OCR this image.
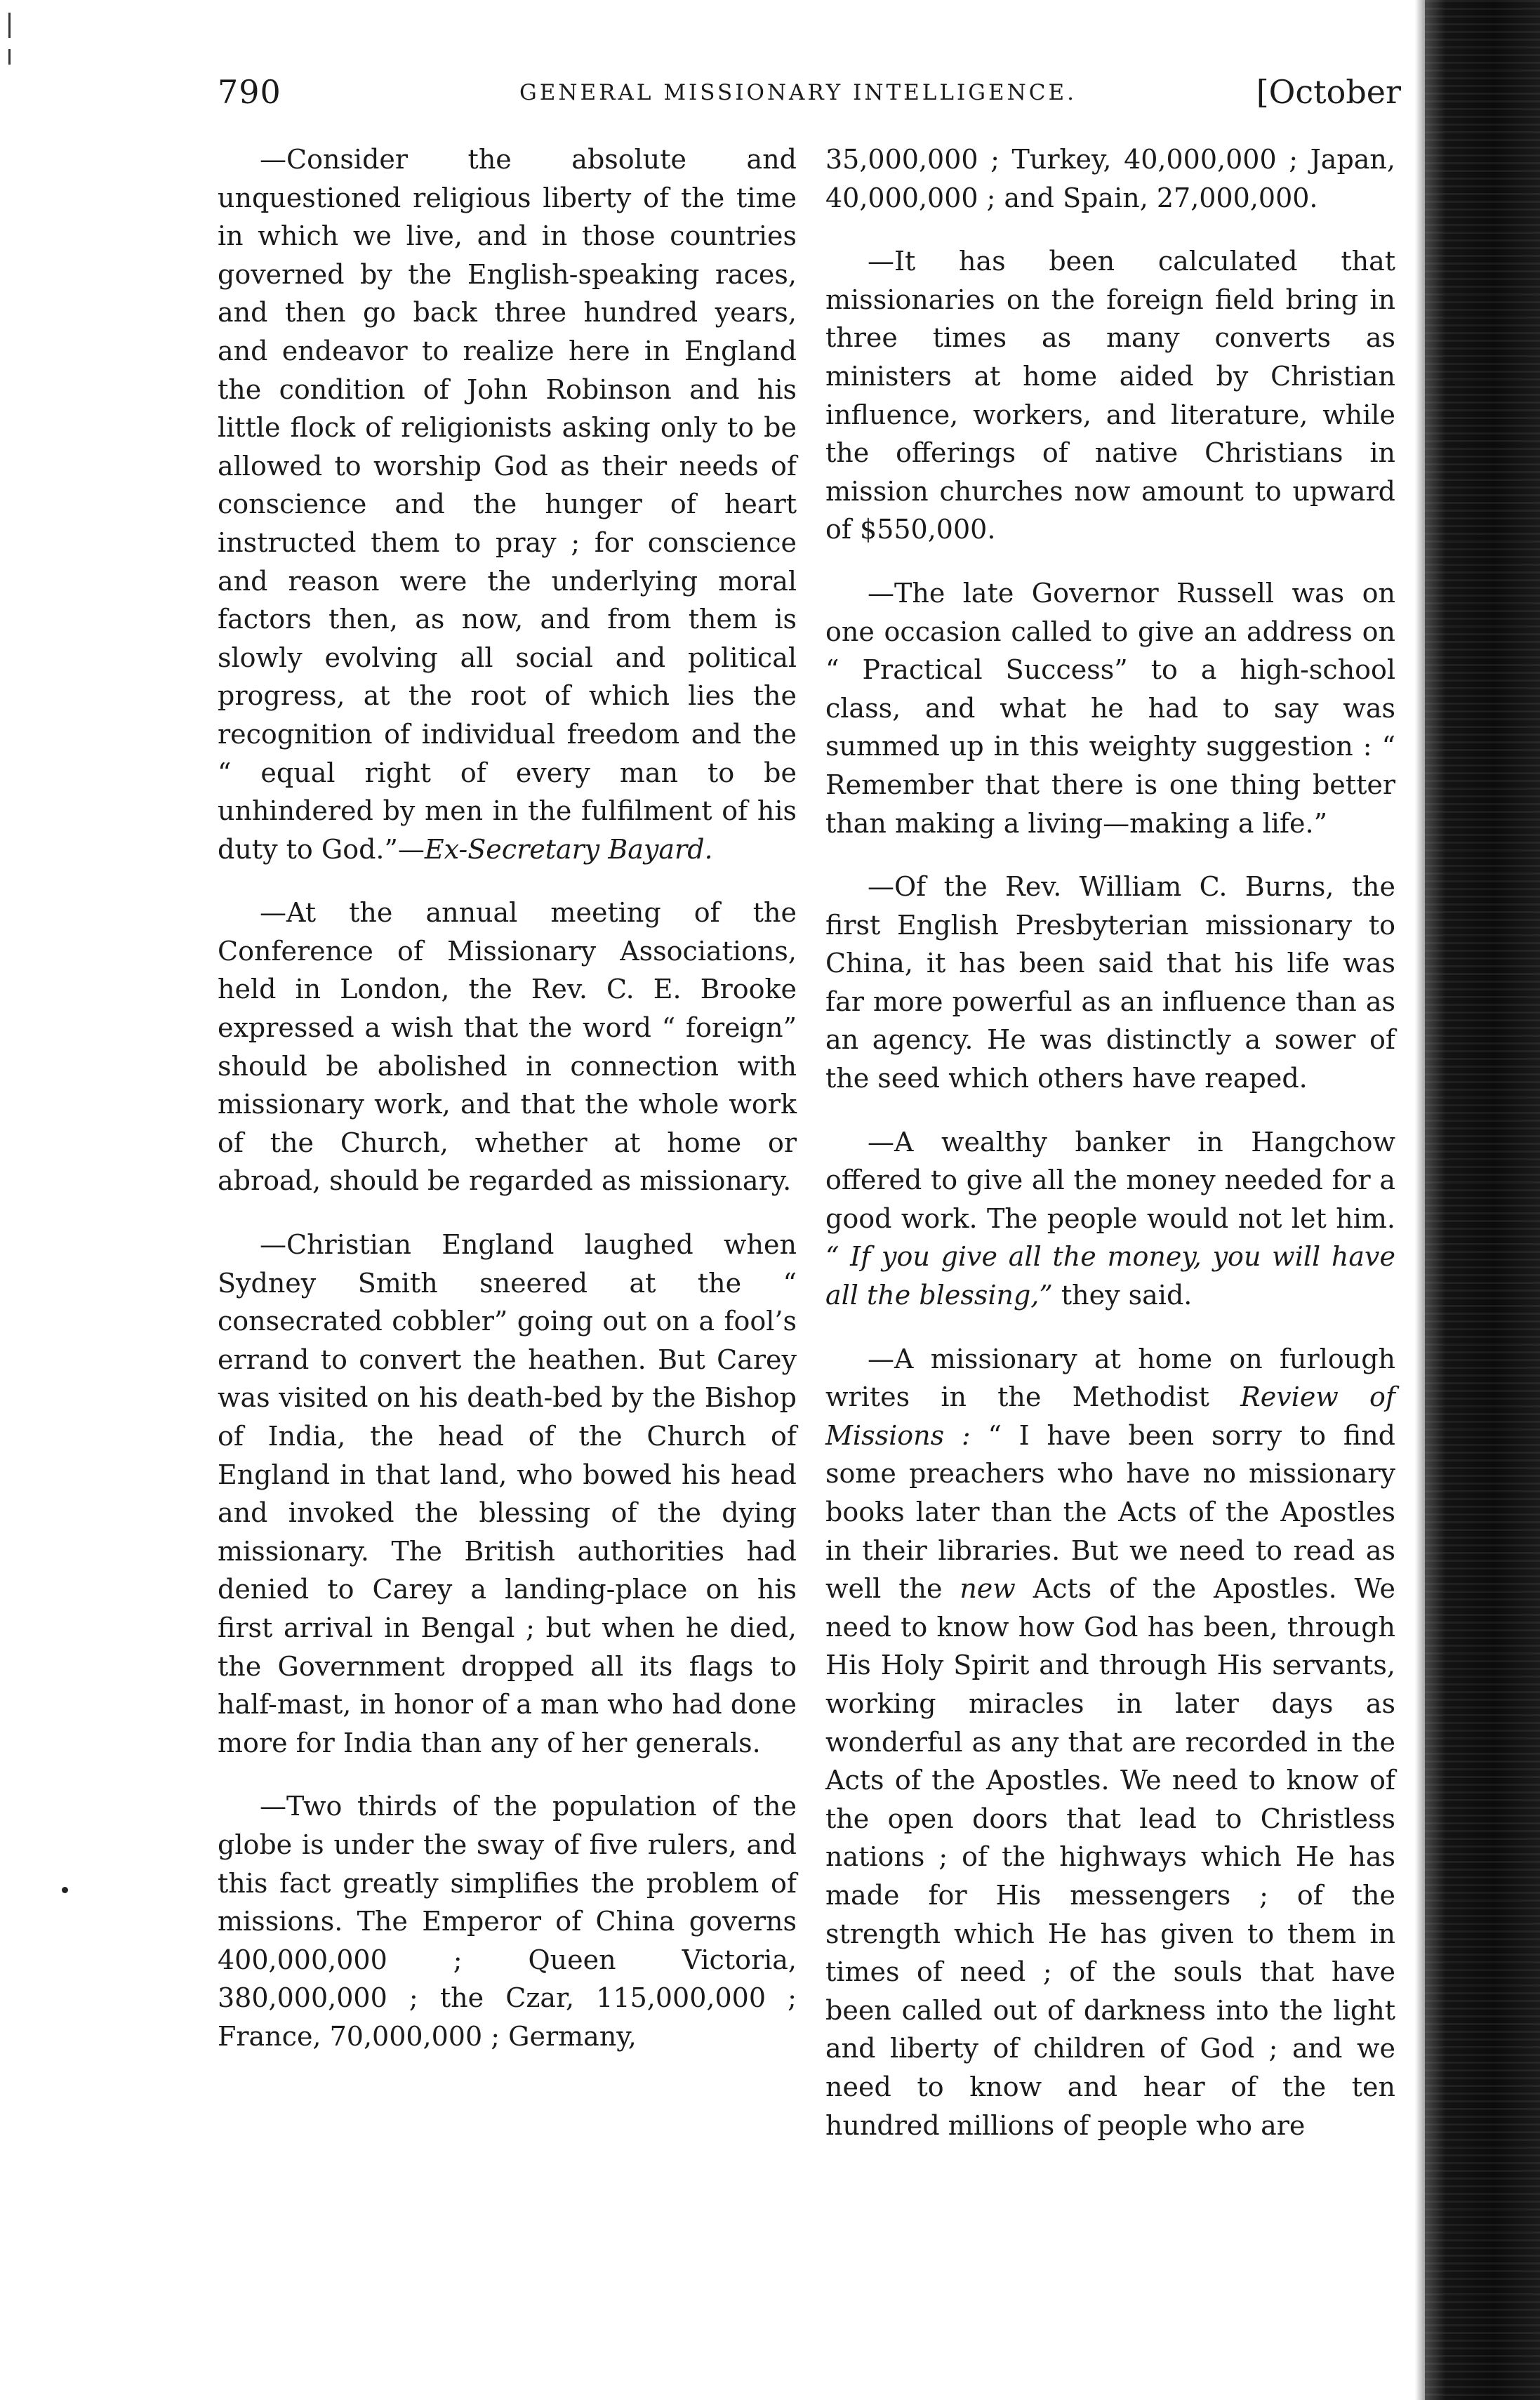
790	GENERAL MISSIONARY INTELLIGENCE.	[October

—Consider the absolute and unquestioned religious liberty of the time in which we live, and in those countries governed by the English-speaking races, and then go back three hundred years, and endeavor to realize here in England the condition of John Robinson and his little flock of religionists asking only to be allowed to worship God as their needs of conscience and the hunger of heart instructed them to pray ; for conscience and reason were the underlying moral factors then, as now, and from them is slowly evolving all social and political progress, at the root of which lies the recognition of individual freedom and the “ equal right of every man to be unhindered by men in the fulfilment of his duty to God.”—Ex-Secretary Bayard.

—At the annual meeting of the Conference of Missionary Associations, held in London, the Rev. C. E. Brooke expressed a wish that the word “ foreign” should be abolished in connection with missionary work, and that the whole work of the Church, whether at home or abroad, should be regarded as missionary.

—Christian England laughed when Sydney Smith sneered at the “ consecrated cobbler” going out on a fool’s errand to convert the heathen. But Carey was visited on his death-bed by the Bishop of India, the head of the Church of England in that land, who bowed his head and invoked the blessing of the dying missionary. The British authorities had denied to Carey a landing-place on his first arrival in Bengal ; but when he died, the Government dropped all its flags to half-mast, in honor of a man who had done more for India than any of her generals.

—Two thirds of the population of the globe is under the sway of five rulers, and this fact greatly simplifies the problem of missions. The Emperor of China governs 400,000,000 ; Queen Victoria, 380,000,000 ; the Czar, 115,000,000 ; France, 70,000,000 ; Germany,

35,000,000 ; Turkey, 40,000,000 ; Japan, 40,000,000 ; and Spain, 27,000,000.

—It has been calculated that missionaries on the foreign field bring in three times as many converts as ministers at home aided by Christian influence, workers, and literature, while the offerings of native Christians in mission churches now amount to upward of $550,000.

—The late Governor Russell was on one occasion called to give an address on “ Practical Success” to a high-school class, and what he had to say was summed up in this weighty suggestion : “ Remember that there is one thing better than making a living—making a life.”

—Of the Rev. William C. Burns, the first English Presbyterian missionary to China, it has been said that his life was far more powerful as an influence than as an agency. He was distinctly a sower of the seed which others have reaped.

—A wealthy banker in Hangchow offered to give all the money needed for a good work. The people would not let him. “ If you give all the money, you will have all the blessing,” they said.

—A missionary at home on furlough writes in the Methodist Review of Missions : “ I have been sorry to find some preachers who have no missionary books later than the Acts of the Apostles in their libraries. But we need to read as well the new Acts of the Apostles. We need to know how God has been, through His Holy Spirit and through His servants, working miracles in later days as wonderful as any that are recorded in the Acts of the Apostles. We need to know of the open doors that lead to Christless nations ; of the highways which He has made for His messengers ; of the strength which He has given to them in times of need ; of the souls that have been called out of darkness into the light and liberty of children of God ; and we need to know and hear of the ten hundred millions of people who are
